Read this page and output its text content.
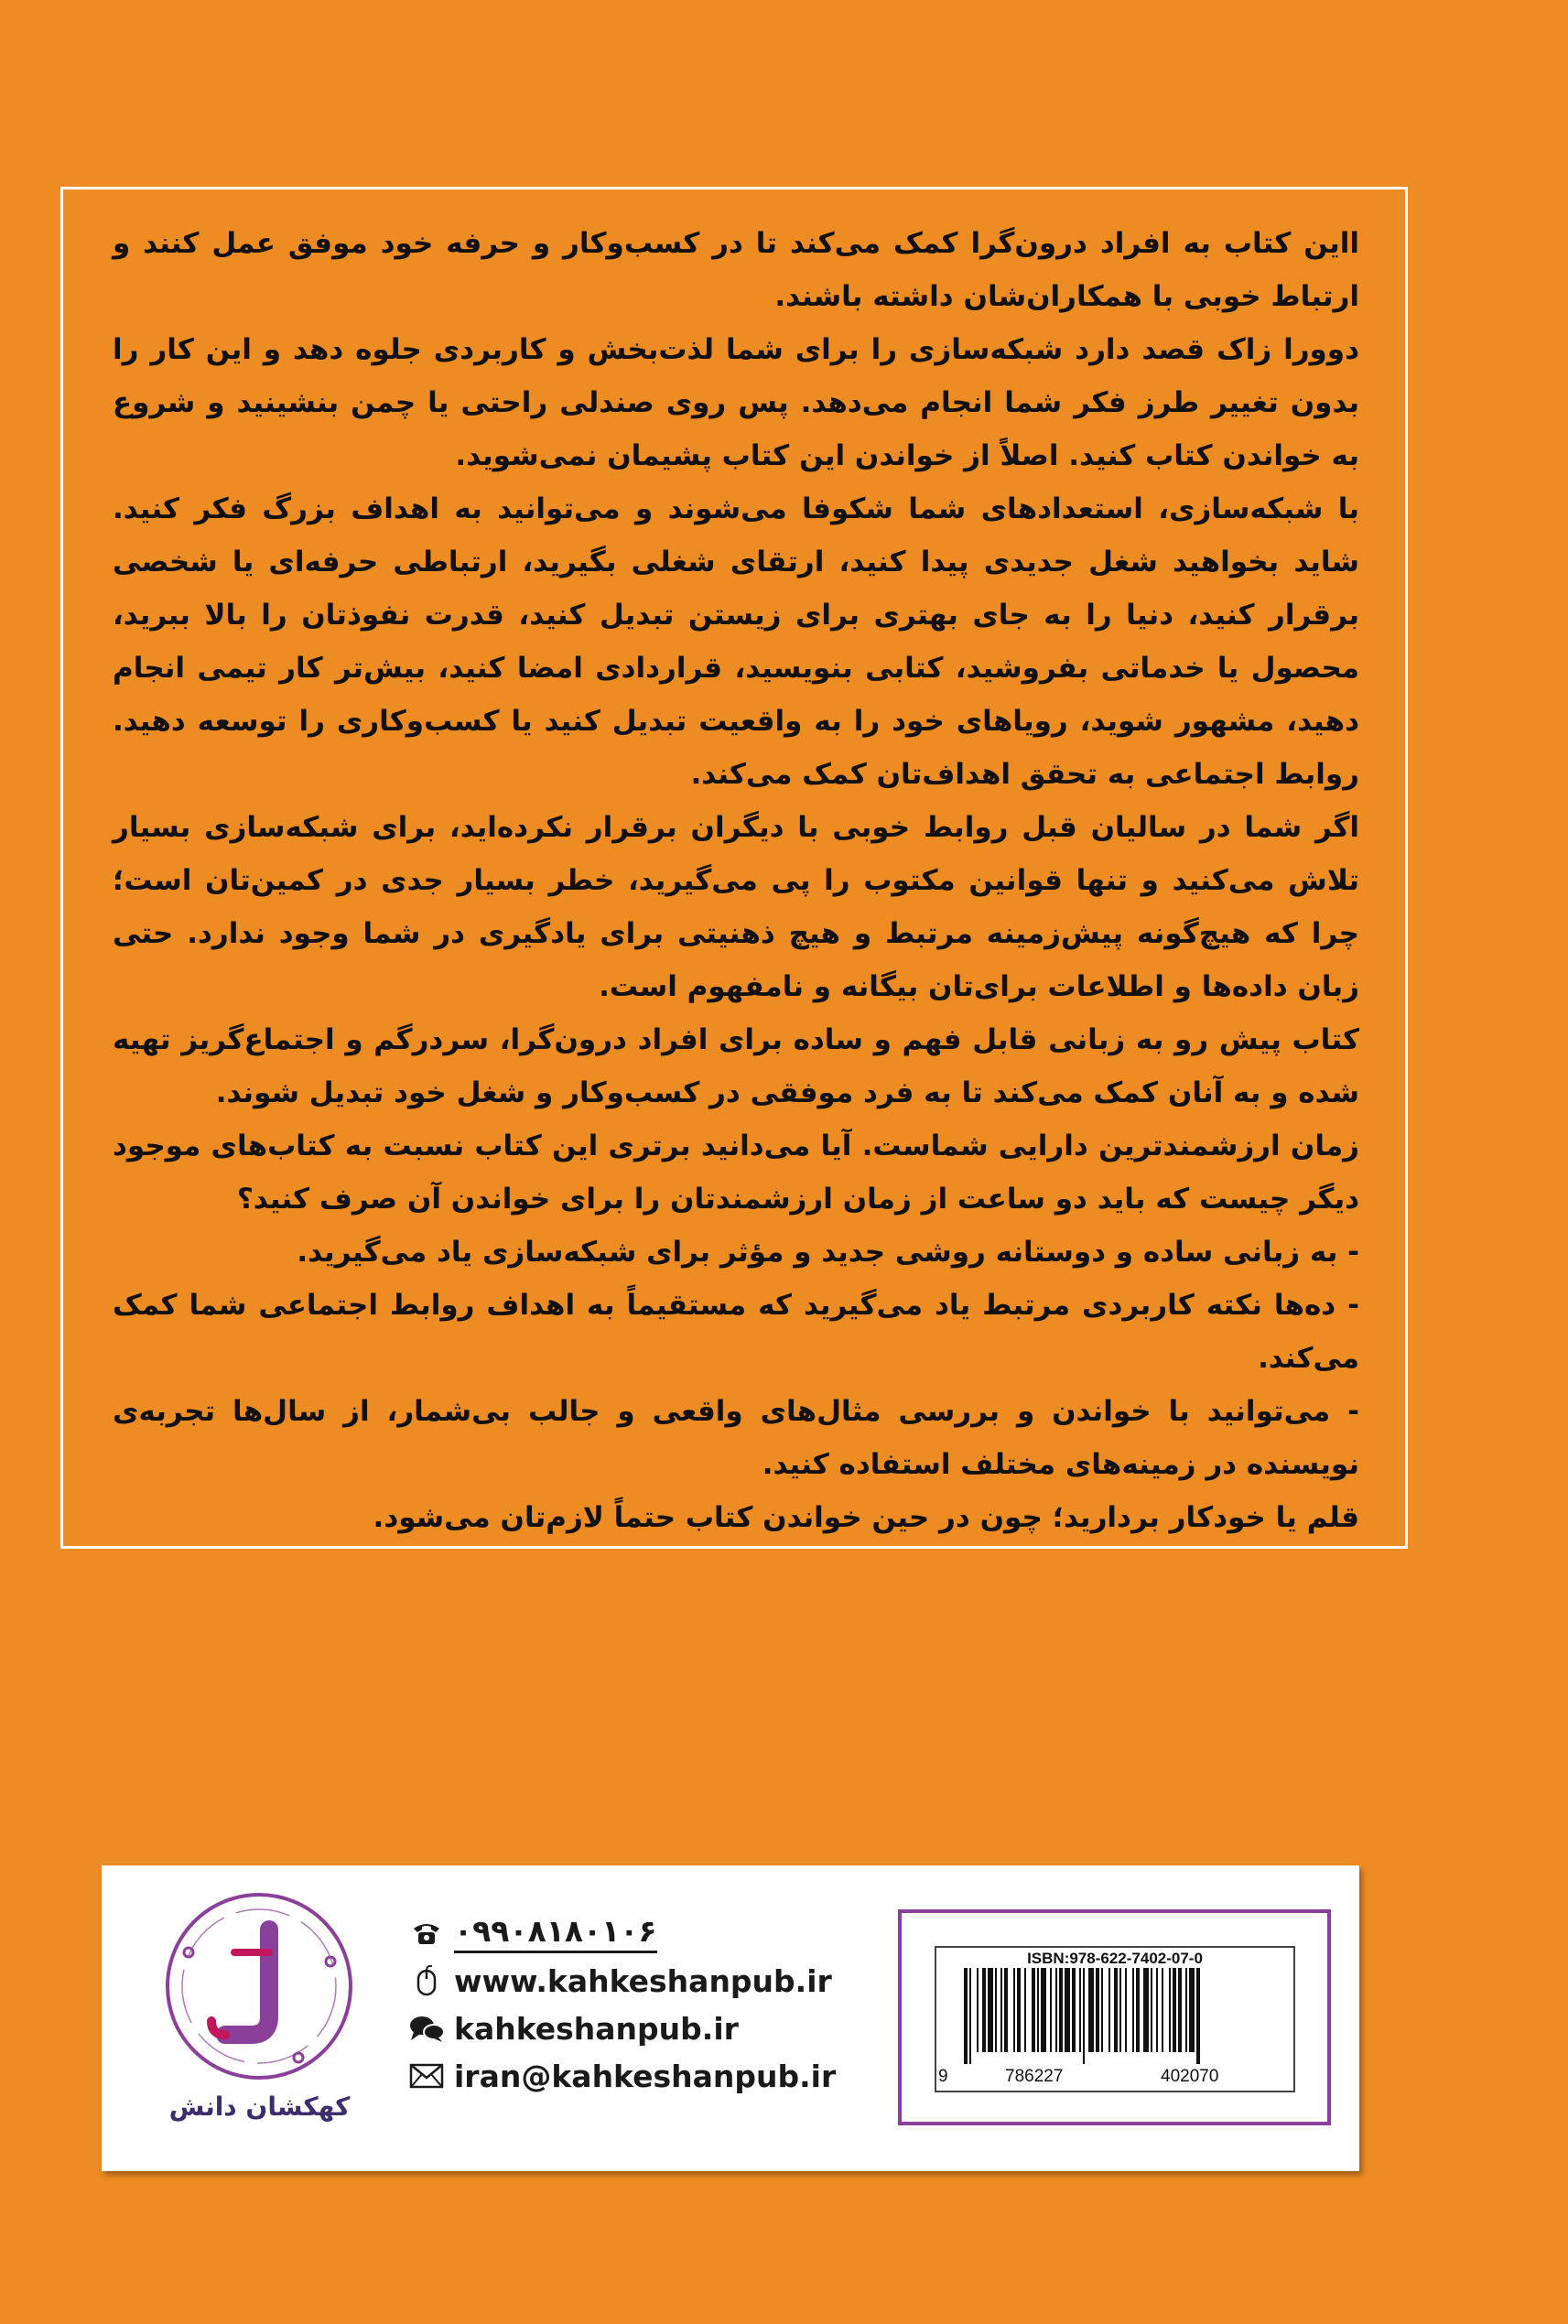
ااین کتاب به افراد درون‌گرا کمک می‌کند تا در کسب‌وکار و حرفه خود موفق عمل کنند و ارتباط خوبی با همکاران‌شان داشته باشند.

دوورا زاک قصد دارد شبکه‌سازی را برای شما لذت‌بخش و کاربردی جلوه دهد و این کار را بدون تغییر طرز فکر شما انجام می‌دهد. پس روی صندلی راحتی یا چمن بنشینید و شروع به خواندن کتاب کنید. اصلاً از خواندن این کتاب پشیمان نمی‌شوید.

با شبکه‌سازی، استعدادهای شما شکوفا می‌شوند و می‌توانید به اهداف بزرگ فکر کنید. شاید بخواهید شغل جدیدی پیدا کنید، ارتقای شغلی بگیرید، ارتباطی حرفه‌ای یا شخصی برقرار کنید، دنیا را به جای بهتری برای زیستن تبدیل کنید، قدرت نفوذتان را بالا ببرید، محصول یا خدماتی بفروشید، کتابی بنویسید، قراردادی امضا کنید، بیش‌تر کار تیمی انجام دهید، مشهور شوید، رویاهای خود را به واقعیت تبدیل کنید یا کسب‌وکاری را توسعه دهید. روابط اجتماعی به تحقق اهداف‌تان کمک می‌کند.

اگر شما در سالیان قبل روابط خوبی با دیگران برقرار نکرده‌اید، برای شبکه‌سازی بسیار تلاش می‌کنید و تنها قوانین مکتوب را پی می‌گیرید، خطر بسیار جدی در کمین‌تان است؛ چرا که هیچ‌گونه پیش‌زمینه مرتبط و هیچ ذهنیتی برای یادگیری در شما وجود ندارد. حتی زبان داده‌ها و اطلاعات برای‌تان بیگانه و نامفهوم است.

کتاب پیش رو به زبانی قابل فهم و ساده برای افراد درون‌گرا، سردرگم و اجتماع‌گریز تهیه شده و به آنان کمک می‌کند تا به فرد موفقی در کسب‌وکار و شغل خود تبدیل شوند.

زمان ارزشمندترین دارایی شماست. آیا می‌دانید برتری این کتاب نسبت به کتاب‌های موجود دیگر چیست که باید دو ساعت از زمان ارزشمندتان را برای خواندن آن صرف کنید؟

- به زبانی ساده و دوستانه روشی جدید و مؤثر برای شبکه‌سازی یاد می‌گیرید.

- ده‌ها نکته کاربردی مرتبط یاد می‌گیرید که مستقیماً به اهداف روابط اجتماعی شما کمک می‌کند.

- می‌توانید با خواندن و بررسی مثال‌های واقعی و جالب بی‌شمار، از سال‌ها تجربه‌ی نویسنده در زمینه‌های مختلف استفاده کنید.

قلم یا خودکار بردارید؛ چون در حین خواندن کتاب حتماً لازم‌تان می‌شود.

کهکشان دانش
۰۹۹۰۸۱۸۰۱۰۶
www.kahkeshanpub.ir
kahkeshanpub.ir
iran@kahkeshanpub.ir
ISBN:978-622-7402-07-0
9	786227	402070
